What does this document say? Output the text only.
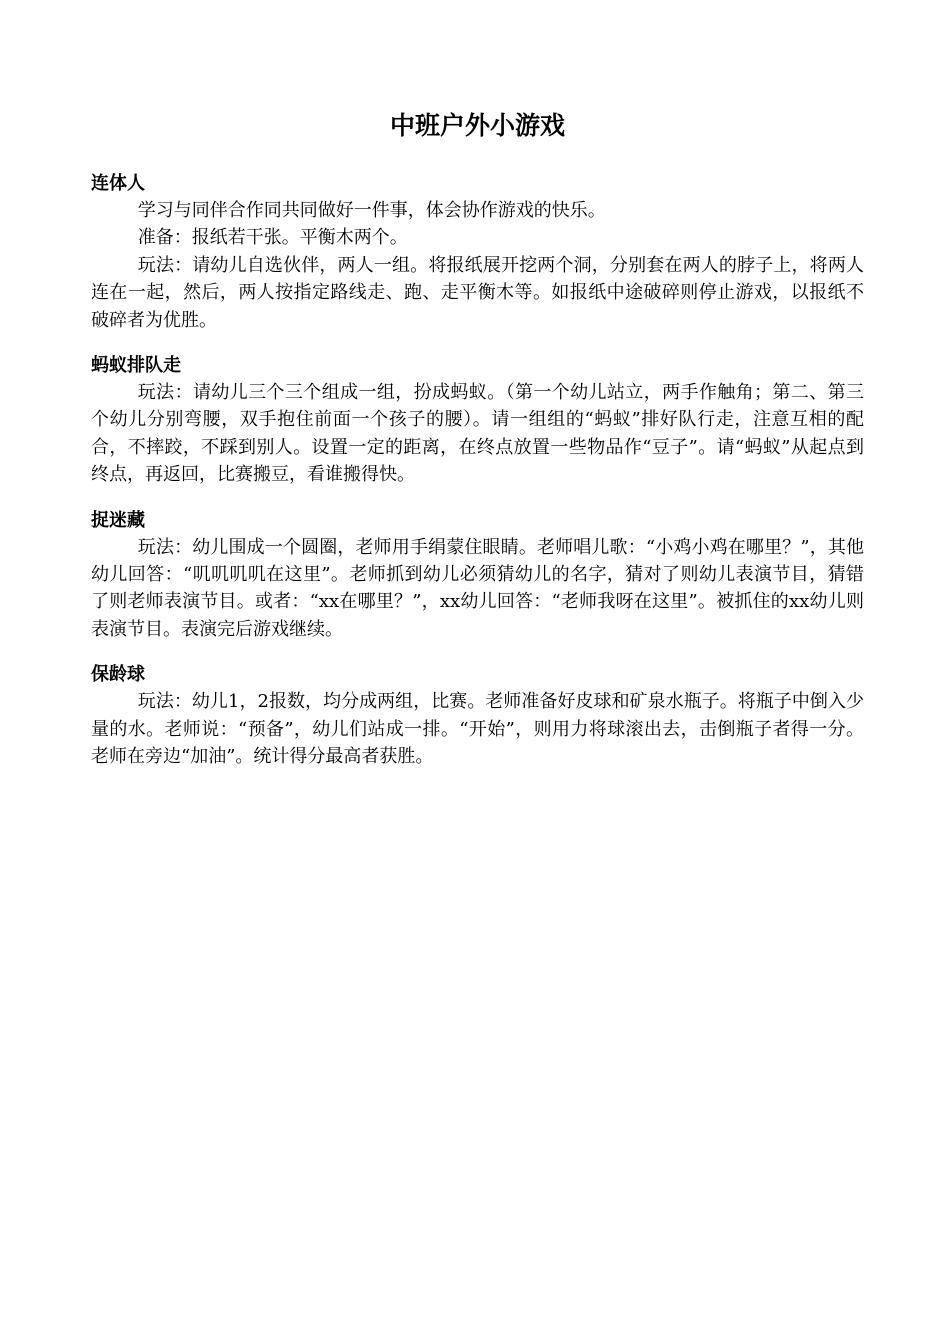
中班户外小游戏
连体人

学习与同伴合作同共同做好一件事，体会协作游戏的快乐。

准备：报纸若干张。平衡木两个。

玩法：请幼儿自选伙伴，两人一组。将报纸展开挖两个洞，分别套在两人的脖子上，将两人连在一起，然后，两人按指定路线走、跑、走平衡木等。如报纸中途破碎则停止游戏，以报纸不破碎者为优胜。

蚂蚁排队走

玩法：请幼儿三个三个组成一组，扮成蚂蚁。（第一个幼儿站立，两手作触角；第二、第三个幼儿分别弯腰，双手抱住前面一个孩子的腰）。请一组组的“蚂蚁”排好队行走，注意互相的配合，不摔跤，不踩到别人。设置一定的距离，在终点放置一些物品作“豆子”。请“蚂蚁”从起点到终点，再返回，比赛搬豆，看谁搬得快。

捉迷藏

玩法：幼儿围成一个圆圈，老师用手绢蒙住眼睛。老师唱儿歌：“小鸡小鸡在哪里？”，其他幼儿回答：“叽叽叽叽在这里”。老师抓到幼儿必须猜幼儿的名字，猜对了则幼儿表演节目，猜错了则老师表演节目。或者：“xx在哪里？”，xx幼儿回答：“老师我呀在这里”。被抓住的xx幼儿则表演节目。表演完后游戏继续。

保龄球

玩法：幼儿1，2报数，均分成两组，比赛。老师准备好皮球和矿泉水瓶子。将瓶子中倒入少量的水。老师说：“预备”，幼儿们站成一排。“开始”，则用力将球滚出去，击倒瓶子者得一分。老师在旁边“加油”。统计得分最高者获胜。
